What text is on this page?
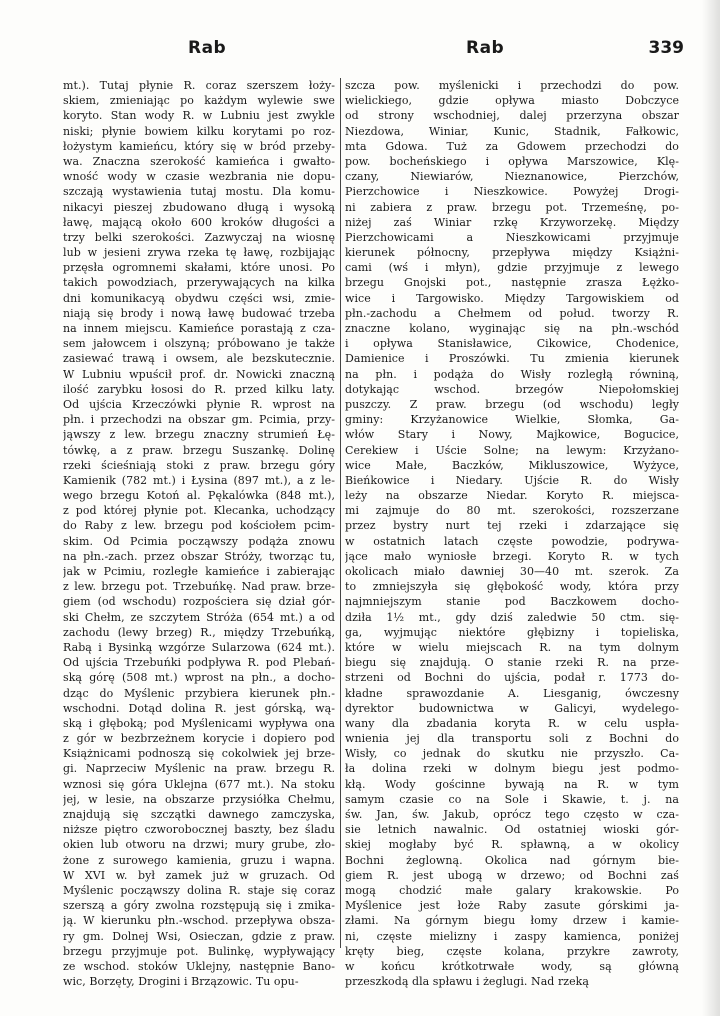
Rab	Rab	339
mt.). Tutaj płynie R. coraz szerszem łoży-
skiem, zmieniając po każdym wylewie swe
koryto. Stan wody R. w Lubniu jest zwykle
niski; płynie bowiem kilku korytami po roz-
łożystym kamieńcu, który się w bród przeby-
wa. Znaczna szerokość kamieńca i gwałto-
wność wody w czasie wezbrania nie dopu-
szczają wystawienia tutaj mostu. Dla komu-
nikacyi pieszej zbudowano długą i wysoką
ławę, mającą około 600 kroków długości a
trzy belki szerokości. Zazwyczaj na wiosnę
lub w jesieni zrywa rzeka tę ławę, rozbijając
przęsła ogromnemi skałami, które unosi. Po
takich powodziach, przerywających na kilka
dni komunikacyą obydwu części wsi, zmie-
niają się brody i nową ławę budować trzeba
na innem miejscu. Kamieńce porastają z cza-
sem jałowcem i olszyną; próbowano je także
zasiewać trawą i owsem, ale bezskutecznie.
W Lubniu wpuścił prof. dr. Nowicki znaczną
ilość zarybku łososi do R. przed kilku laty.
Od ujścia Krzeczówki płynie R. wprost na
płn. i przechodzi na obszar gm. Pcimia, przy-
jąwszy z lew. brzegu znaczny strumień Łę-
tówkę, a z praw. brzegu Suszankę. Dolinę
rzeki ścieśniają stoki z praw. brzegu góry
Kamienik (782 mt.) i Łysina (897 mt.), a z le-
wego brzegu Kotoń al. Pękalówka (848 mt.),
z pod której płynie pot. Klecanka, uchodzący
do Raby z lew. brzegu pod kościołem pcim-
skim. Od Pcimia począwszy podąża znowu
na płn.-zach. przez obszar Stróży, tworząc tu,
jak w Pcimiu, rozległe kamieńce i zabierając
z lew. brzegu pot. Trzebuńkę. Nad praw. brze-
giem (od wschodu) rozpościera się dział gór-
ski Chełm, ze szczytem Stróża (654 mt.) a od
zachodu (lewy brzeg) R., między Trzebuńką,
Rabą i Bysinką wzgórze Sularzowa (624 mt.).
Od ujścia Trzebuńki podpływa R. pod Plebań-
ską górę (508 mt.) wprost na płn., a docho-
dząc do Myślenic przybiera kierunek płn.-
wschodni. Dotąd dolina R. jest górską, wą-
ską i głęboką; pod Myślenicami wypływa ona
z gór w bezbrzeżnem korycie i dopiero pod
Książnicami podnoszą się cokolwiek jej brze-
gi. Naprzeciw Myślenic na praw. brzegu R.
wznosi się góra Uklejna (677 mt.). Na stoku
jej, w lesie, na obszarze przysiółka Chełmu,
znajdują się szczątki dawnego zamczyska,
niższe piętro czworobocznej baszty, bez śladu
okien lub otworu na drzwi; mury grube, zło-
żone z surowego kamienia, gruzu i wapna.
W XVI w. był zamek już w gruzach. Od
Myślenic począwszy dolina R. staje się coraz
szerszą a góry zwolna rozstępują się i zmika-
ją. W kierunku płn.-wschod. przepływa obsza-
ry gm. Dolnej Wsi, Osieczan, gdzie z praw.
brzegu przyjmuje pot. Bulinkę, wypływający
ze wschod. stoków Uklejny, następnie Bano-
wic, Borzęty, Drogini i Brzązowic. Tu opu-
szcza pow. myślenicki i przechodzi do pow.
wielickiego, gdzie opływa miasto Dobczyce
od strony wschodniej, dalej przerzyna obszar
Niezdowa, Winiar, Kunic, Stadnik, Fałkowic,
mta Gdowa. Tuż za Gdowem przechodzi do
pow. bocheńskiego i opływa Marszowice, Klę-
czany, Niewiarów, Nieznanowice, Pierzchów,
Pierzchowice i Nieszkowice. Powyżej Drogi-
ni zabiera z praw. brzegu pot. Trzemeśnę, po-
niżej zaś Winiar rzkę Krzyworzekę. Między
Pierzchowicami a Nieszkowicami przyjmuje
kierunek północny, przepływa między Książni-
cami (wś i młyn), gdzie przyjmuje z lewego
brzegu Gnojski pot., następnie zrasza Łężko-
wice i Targowisko. Między Targowiskiem od
płn.-zachodu a Chełmem od połud. tworzy R.
znaczne kolano, wyginając się na płn.-wschód
i opływa Stanisławice, Cikowice, Chodenice,
Damienice i Proszówki. Tu zmienia kierunek
na płn. i podąża do Wisły rozległą równiną,
dotykając wschod. brzegów Niepołomskiej
puszczy. Z praw. brzegu (od wschodu) legły
gminy: Krzyżanowice Wielkie, Słomka, Ga-
włów Stary i Nowy, Majkowice, Bogucice,
Cerekiew i Uście Solne; na lewym: Krzyżano-
wice Małe, Baczków, Mikluszowice, Wyżyce,
Bieńkowice i Niedary. Ujście R. do Wisły
leży na obszarze Niedar. Koryto R. miejsca-
mi zajmuje do 80 mt. szerokości, rozszerzane
przez bystry nurt tej rzeki i zdarzające się
w ostatnich latach częste powodzie, podrywa-
jące mało wyniosłe brzegi. Koryto R. w tych
okolicach miało dawniej 30—40 mt. szerok. Za
to zmniejszyła się głębokość wody, która przy
najmniejszym stanie pod Baczkowem docho-
dziła 1½ mt., gdy dziś zaledwie 50 ctm. się-
ga, wyjmując niektóre głębizny i topieliska,
które w wielu miejscach R. na tym dolnym
biegu się znajdują. O stanie rzeki R. na prze-
strzeni od Bochni do ujścia, podał r. 1773 do-
kładne sprawozdanie A. Liesganig, ówczesny
dyrektor budownictwa w Galicyi, wydelego-
wany dla zbadania koryta R. w celu uspła-
wnienia jej dla transportu soli z Bochni do
Wisły, co jednak do skutku nie przyszło. Ca-
ła dolina rzeki w dolnym biegu jest podmo-
kłą. Wody gościnne bywają na R. w tym
samym czasie co na Sole i Skawie, t. j. na
św. Jan, św. Jakub, oprócz tego często w cza-
sie letnich nawalnic. Od ostatniej wioski gór-
skiej mogłaby być R. spławną, a w okolicy
Bochni żeglowną. Okolica nad górnym bie-
giem R. jest ubogą w drzewo; od Bochni zaś
mogą chodzić małe galary krakowskie. Po
Myślenice jest łoże Raby zasute górskimi ja-
złami. Na górnym biegu łomy drzew i kamie-
ni, częste mielizny i zaspy kamienca, poniżej
kręty bieg, częste kolana, przykre zawroty,
w końcu krótkotrwałe wody, są główną
przeszkodą dla spławu i żeglugi. Nad rzeką
